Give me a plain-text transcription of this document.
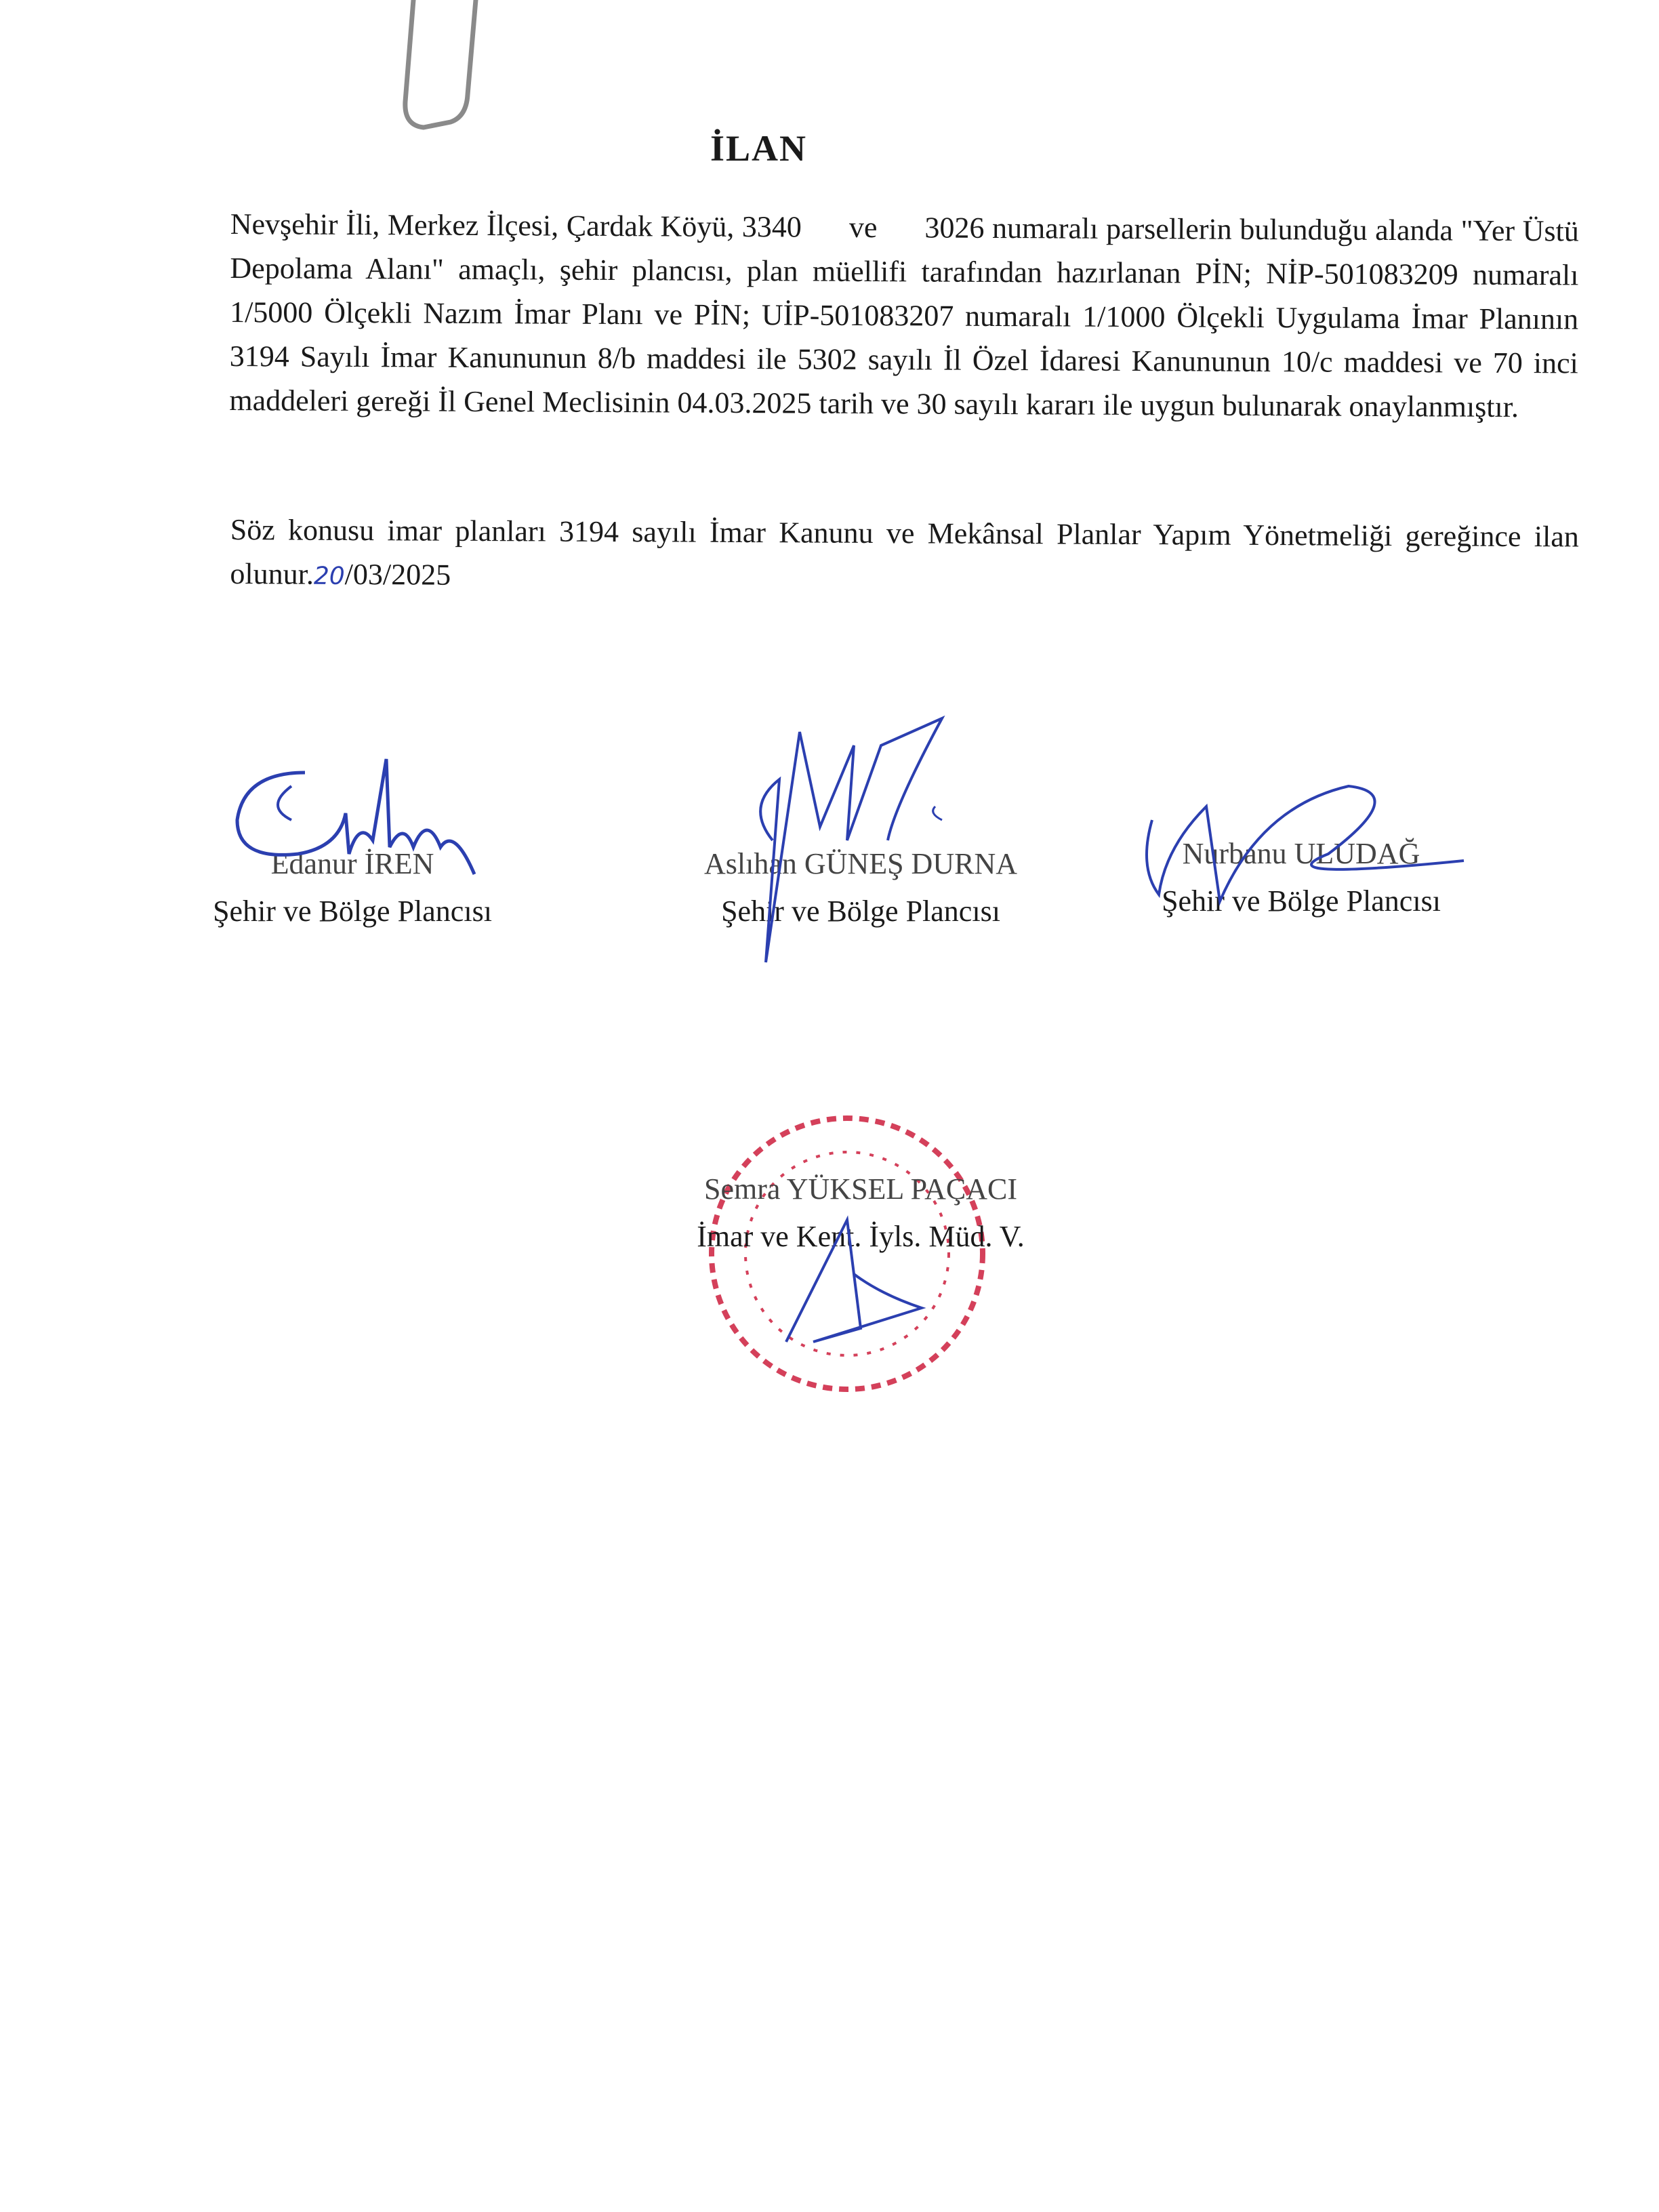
İLAN

Nevşehir İli, Merkez İlçesi, Çardak Köyü, 3340 ve 3026 numaralı parsellerin bulunduğu alanda "Yer Üstü Depolama Alanı" amaçlı, şehir plancısı, plan müellifi tarafından hazırlanan PİN; NİP-501083209 numaralı 1/5000 Ölçekli Nazım İmar Planı ve PİN; UİP-501083207 numaralı 1/1000 Ölçekli Uygulama İmar Planının 3194 Sayılı İmar Kanununun 8/b maddesi ile 5302 sayılı İl Özel İdaresi Kanununun 10/c maddesi ve 70 inci maddeleri gereği İl Genel Meclisinin 04.03.2025 tarih ve 30 sayılı kararı ile uygun bulunarak onaylanmıştır.

Söz konusu imar planları 3194 sayılı İmar Kanunu ve Mekânsal Planlar Yapım Yönetmeliği gereğince ilan olunur.20/03/2025

Edanur İREN
Şehir ve Bölge Plancısı
Aslıhan GÜNEŞ DURNA
Şehir ve Bölge Plancısı
Nurbanu ULUDAĞ
Şehir ve Bölge Plancısı
Semra YÜKSEL PAÇACI
İmar ve Kent. İyls. Müd. V.
